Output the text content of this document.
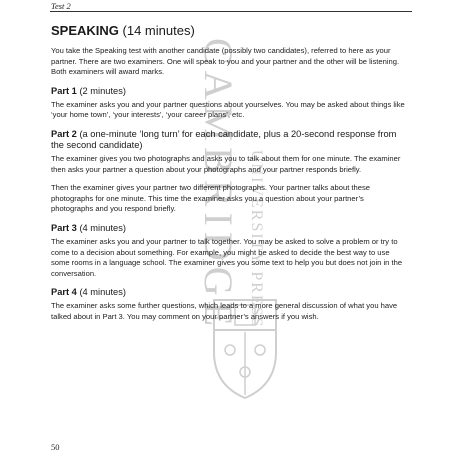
Test 2
CAMBRIDGE UNIVERSITY PRESS
SPEAKING (14 minutes)

You take the Speaking test with another candidate (possibly two candidates), referred to here as your partner. There are two examiners. One will speak to you and your partner and the other will be listening. Both examiners will award marks.

Part 1 (2 minutes)

The examiner asks you and your partner questions about yourselves. You may be asked about things like ‘your home town’, ‘your interests’, ‘your career plans’, etc.

Part 2 (a one-minute ‘long turn’ for each candidate, plus a 20-second response from the second candidate)

The examiner gives you two photographs and asks you to talk about them for one minute. The examiner then asks your partner a question about your photographs and your partner responds briefly.

Then the examiner gives your partner two different photographs. Your partner talks about these photographs for one minute. This time the examiner asks you a question about your partner’s photographs and you respond briefly.

Part 3 (4 minutes)

The examiner asks you and your partner to talk together. You may be asked to solve a problem or try to come to a decision about something. For example, you might be asked to decide the best way to use some rooms in a language school. The examiner gives you some text to help you but does not join in the conversation.

Part 4 (4 minutes)

The examiner asks some further questions, which leads to a more general discussion of what you have talked about in Part 3. You may comment on your partner’s answers if you wish.

50
